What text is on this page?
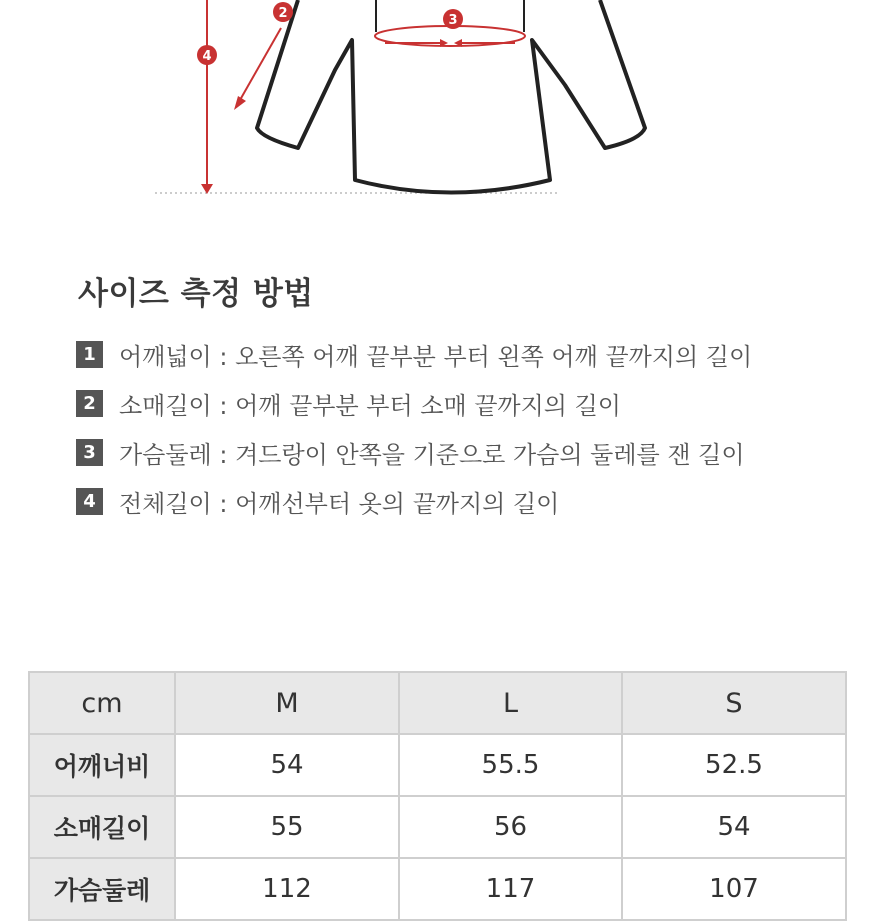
2	3
4
사이즈 측정 방법
1 어깨넓이 : 오른쪽 어깨 끝부분 부터 왼쪽 어깨 끝까지의 길이
2 소매길이 : 어깨 끝부분 부터 소매 끝까지의 길이
3 가슴둘레 : 겨드랑이 안쪽을 기준으로 가슴의 둘레를 잰 길이
4 전체길이 : 어깨선부터 옷의 끝까지의 길이
cm	M	L	S
어깨너비	54	55.5	52.5
소매길이	55	56	54
가슴둘레	112	117	107
